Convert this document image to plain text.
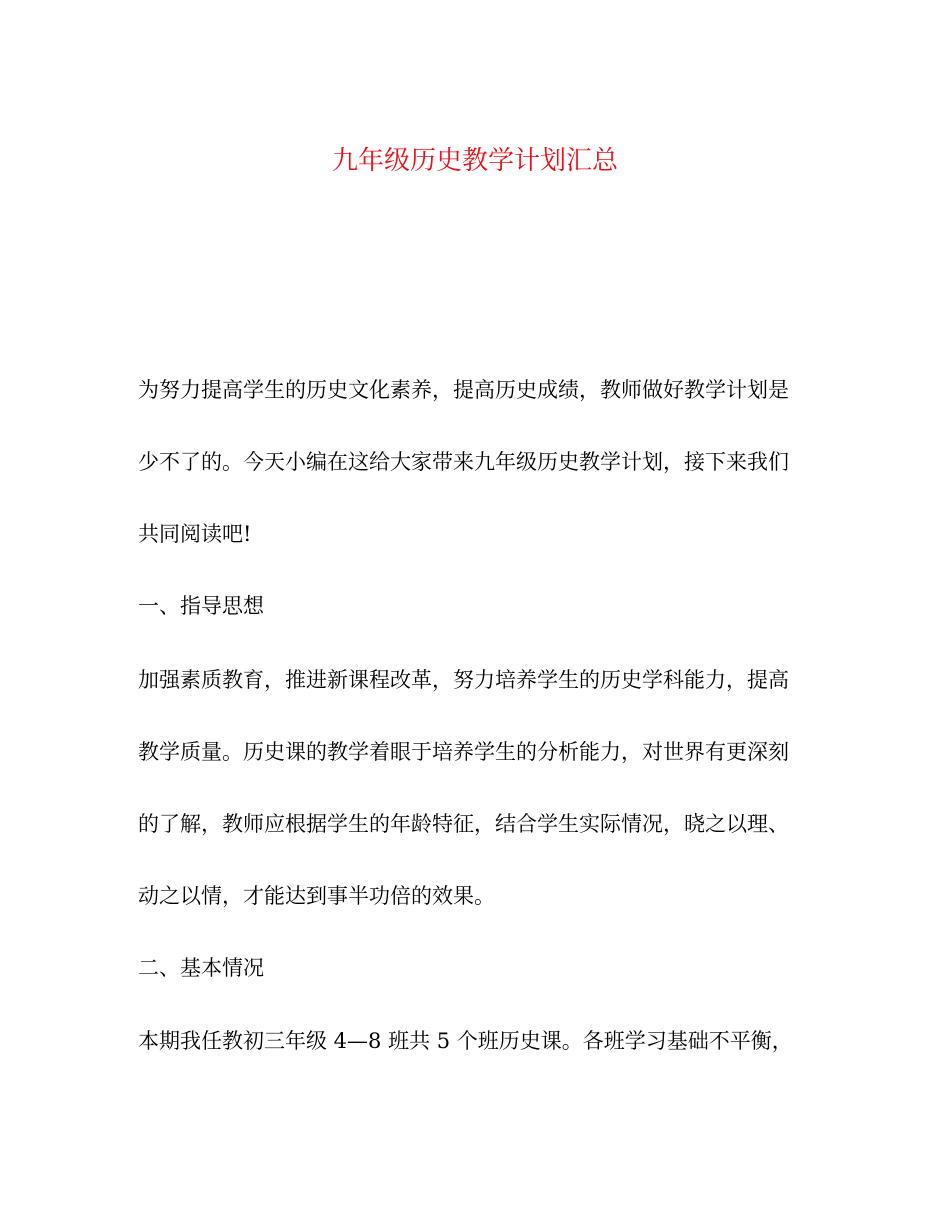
九年级历史教学计划汇总
为努力提高学生的历史文化素养，提高历史成绩，教师做好教学计划是
少不了的。今天小编在这给大家带来九年级历史教学计划，接下来我们
共同阅读吧!
一、指导思想
加强素质教育，推进新课程改革，努力培养学生的历史学科能力，提高
教学质量。历史课的教学着眼于培养学生的分析能力，对世界有更深刻
的了解，教师应根据学生的年龄特征，结合学生实际情况，晓之以理、
动之以情，才能达到事半功倍的效果。
二、基本情况
本期我任教初三年级 4—8 班共 5 个班历史课。各班学习基础不平衡，
